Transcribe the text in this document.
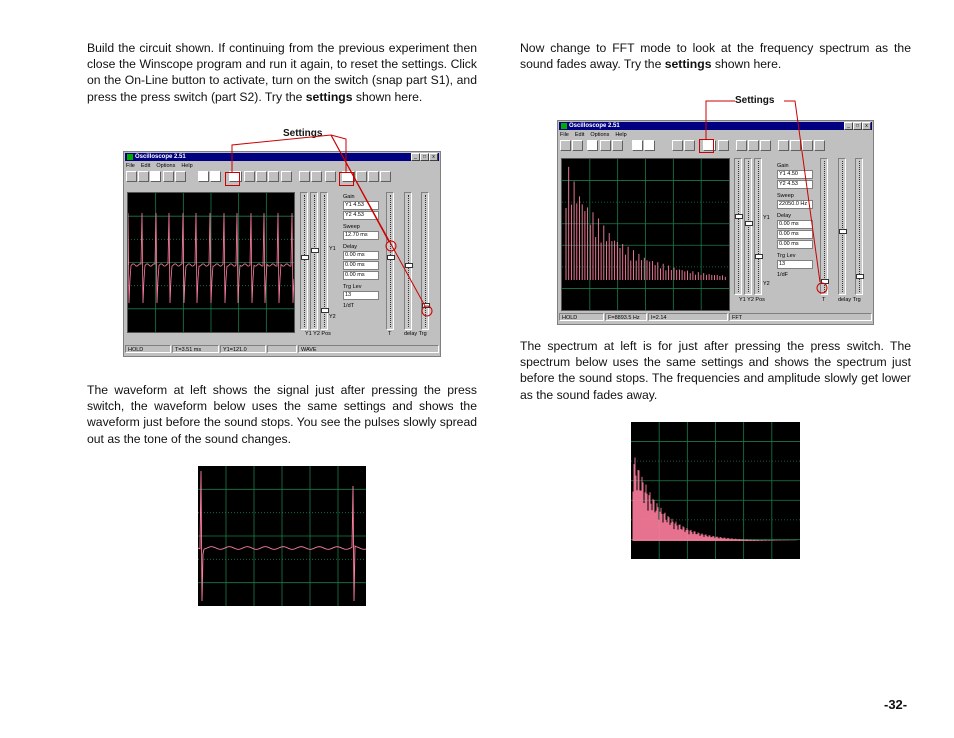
Build the circuit shown. If continuing from the previous experiment then close the Winscope program and run it again, to reset the settings. Click on the On-Line button to activate, turn on the switch (snap part S1), and press the press switch (part S2). Try the settings shown here.
Now change to FFT mode to look at the frequency spectrum as the sound fades away. Try the settings shown here.
Oscilloscope 2.51	_	□	x
File Edit Options Help
Y1
Y2
Gain
Y1 4.53
Y2 4.53
Sweep
12.70 ms
Delay
0.00 ms
0.00 ms
0.00 ms
Trg Lev
13
1/dT
Y1 Y2 Pos	T delay Trg
HOLD	T=3.51 ms	Y1=121.0	WAVE
Settings
Oscilloscope 2.51	_	□	x
File Edit Options Help
Y1
Y2
Gain
Y1 4.50
Y2 4.53
Sweep
22050.0 Hz
Delay
0.00 ms
0.00 ms
0.00 ms
Trg Lev
13
1/dF
Y1 Y2 Pos	T delay Trg
HOLD	F=8893.5 Hz	I=2.14	FFT
Settings
The waveform at left shows the signal just after pressing the press switch, the waveform below uses the same settings and shows the waveform just before the sound stops. You see the pulses slowly spread out as the tone of the sound changes.
The spectrum at left is for just after pressing the press switch. The spectrum below uses the same settings and shows the spectrum just before the sound stops. The frequencies and amplitude slowly get lower as the sound fades away.
-32-
